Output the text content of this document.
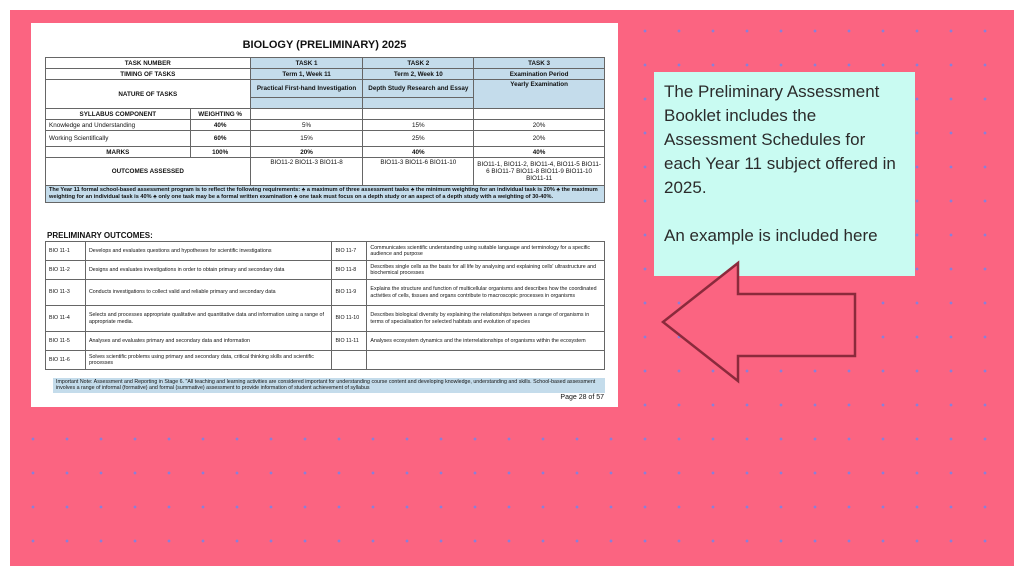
BIOLOGY (PRELIMINARY) 2025
TASK NUMBER		TASK 1	TASK 2	TASK 3
TIMING OF TASKS		Term 1, Week 11	Term 2, Week 10	Examination Period
NATURE OF TASKS		Practical First-hand Investigation	Depth Study Research and Essay	Yearly Examination

SYLLABUS COMPONENT	WEIGHTING %			
Knowledge and Understanding	40%	5%	15%	20%
Working Scientifically	60%	15%	25%	20%
MARKS	100%	20%	40%	40%
OUTCOMES ASSESSED		BIO11-2 BIO11-3 BIO11-8	BIO11-3 BIO11-6 BIO11-10	BIO11-1, BIO11-2, BIO11-4, BIO11-5 BIO11-6 BIO11-7 BIO11-8 BIO11-9 BIO11-10 BIO11-11
The Year 11 formal school-based assessment program is to reflect the following requirements: ♣ a maximum of three assessment tasks ♣ the minimum weighting for an individual task is 20% ♣ the maximum weighting for an individual task is 40% ♣ only one task may be a formal written examination ♣ one task must focus on a depth study or an aspect of a depth study with a weighting of 30-40%.				
PRELIMINARY OUTCOMES:
BIO 11-1	Develops and evaluates questions and hypotheses for scientific investigations	BIO 11-7	Communicates scientific understanding using suitable language and terminology for a specific audience and purpose
BIO 11-2	Designs and evaluates investigations in order to obtain primary and secondary data	BIO 11-8	Describes single cells as the basis for all life by analysing and explaining cells' ultrastructure and biochemical processes
BIO 11-3	Conducts investigations to collect valid and reliable primary and secondary data	BIO 11-9	Explains the structure and function of multicellular organisms and describes how the coordinated activities of cells, tissues and organs contribute to macroscopic processes in organisms
BIO 11-4	Selects and processes appropriate qualitative and quantitative data and information using a range of appropriate media.	BIO 11-10	Describes biological diversity by explaining the relationships between a range of organisms in terms of specialisation for selected habitats and evolution of species
BIO 11-5	Analyses and evaluates primary and secondary data and information	BIO 11-11	Analyses ecosystem dynamics and the interrelationships of organisms within the ecosystem
BIO 11-6	Solves scientific problems using primary and secondary data, critical thinking skills and scientific processes		
Important Note: Assessment and Reporting in Stage 6. "All teaching and learning activities are considered important for understanding course content and developing knowledge, understanding and skills. School-based assessment involves a range of informal (formative) and formal (summative) assessment to provide information of student achievement of syllabus
Page 28 of 57

The Preliminary Assessment Booklet includes the Assessment Schedules for each Year 11 subject offered in 2025.

An example is included here
